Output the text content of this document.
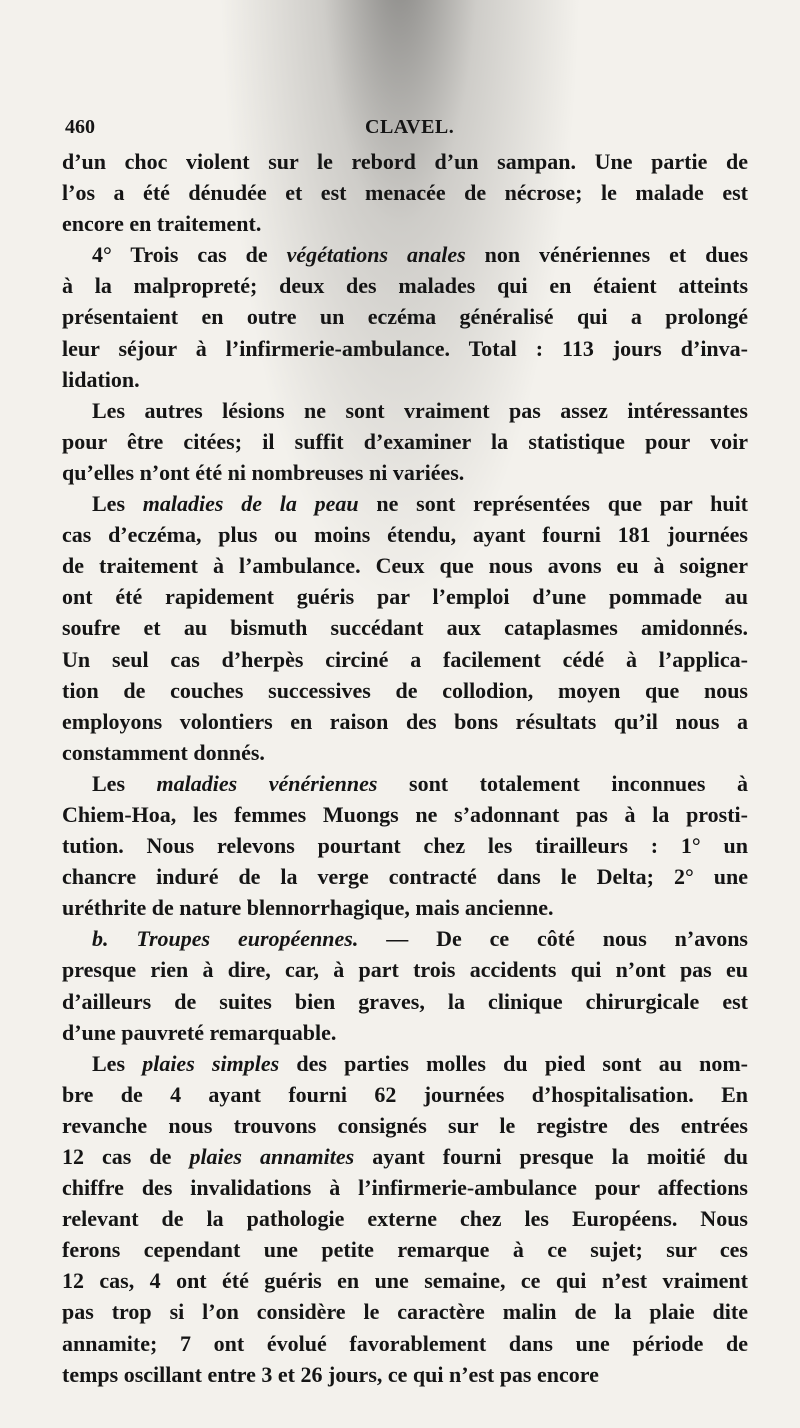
460	CLAVEL.

d’un choc violent sur le rebord d’un sampan. Une partie de
l’os a été dénudée et est menacée de nécrose; le malade est
encore en traitement.

4° Trois cas de végétations anales non vénériennes et dues
à la malpropreté; deux des malades qui en étaient atteints
présentaient en outre un eczéma généralisé qui a prolongé
leur séjour à l’infirmerie-ambulance. Total : 113 jours d’inva-
lidation.

Les autres lésions ne sont vraiment pas assez intéressantes
pour être citées; il suffit d’examiner la statistique pour voir
qu’elles n’ont été ni nombreuses ni variées.

Les maladies de la peau ne sont représentées que par huit
cas d’eczéma, plus ou moins étendu, ayant fourni 181 journées
de traitement à l’ambulance. Ceux que nous avons eu à soigner
ont été rapidement guéris par l’emploi d’une pommade au
soufre et au bismuth succédant aux cataplasmes amidonnés.
Un seul cas d’herpès circiné a facilement cédé à l’applica-
tion de couches successives de collodion, moyen que nous
employons volontiers en raison des bons résultats qu’il nous a
constamment donnés.

Les maladies vénériennes sont totalement inconnues à
Chiem-Hoa, les femmes Muongs ne s’adonnant pas à la prosti-
tution. Nous relevons pourtant chez les tirailleurs : 1° un
chancre induré de la verge contracté dans le Delta; 2° une
uréthrite de nature blennorrhagique, mais ancienne.

b. Troupes européennes. — De ce côté nous n’avons
presque rien à dire, car, à part trois accidents qui n’ont pas eu
d’ailleurs de suites bien graves, la clinique chirurgicale est
d’une pauvreté remarquable.

Les plaies simples des parties molles du pied sont au nom-
bre de 4 ayant fourni 62 journées d’hospitalisation. En
revanche nous trouvons consignés sur le registre des entrées
12 cas de plaies annamites ayant fourni presque la moitié du
chiffre des invalidations à l’infirmerie-ambulance pour affections
relevant de la pathologie externe chez les Européens. Nous
ferons cependant une petite remarque à ce sujet; sur ces
12 cas, 4 ont été guéris en une semaine, ce qui n’est vraiment
pas trop si l’on considère le caractère malin de la plaie dite
annamite; 7 ont évolué favorablement dans une période de
temps oscillant entre 3 et 26 jours, ce qui n’est pas encore
